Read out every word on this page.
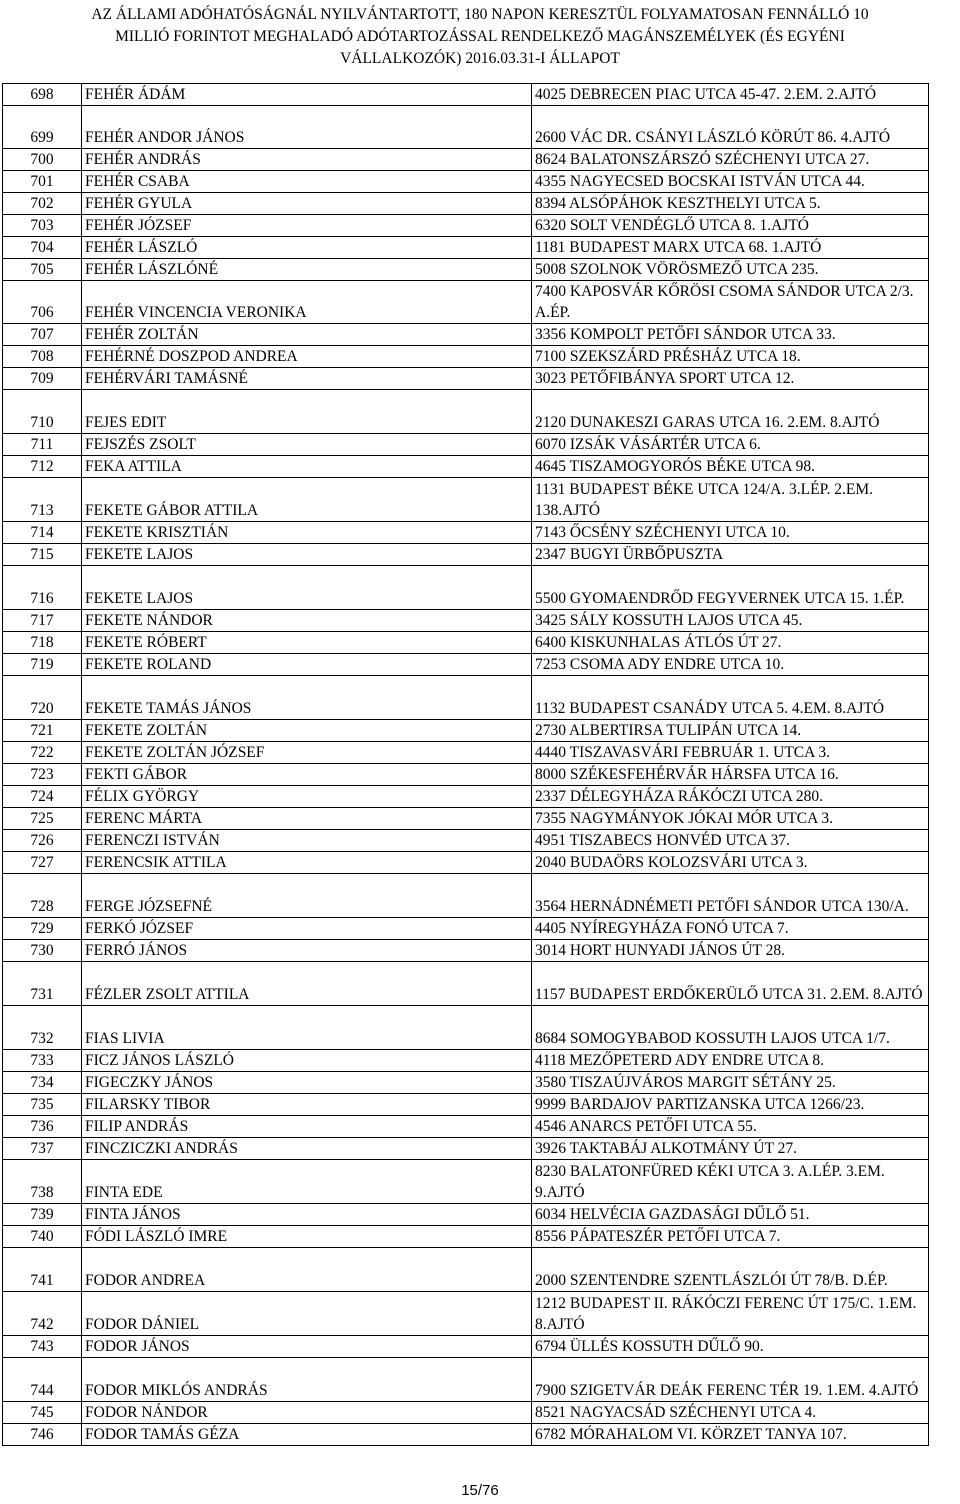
AZ ÁLLAMI ADÓHATÓSÁGNÁL NYILVÁNTARTOTT, 180 NAPON KERESZTÜL FOLYAMATOSAN FENNÁLLÓ 10
MILLIÓ FORINTOT MEGHALADÓ ADÓTARTOZÁSSAL RENDELKEZŐ MAGÁNSZEMÉLYEK (ÉS EGYÉNI
VÁLLALKOZÓK) 2016.03.31-I ÁLLAPOT
698	FEHÉR ÁDÁM	4025 DEBRECEN PIAC UTCA 45-47. 2.EM. 2.AJTÓ
699	FEHÉR ANDOR JÁNOS	2600 VÁC DR. CSÁNYI LÁSZLÓ KÖRÚT 86. 4.AJTÓ
700	FEHÉR ANDRÁS	8624 BALATONSZÁRSZÓ SZÉCHENYI UTCA 27.
701	FEHÉR CSABA	4355 NAGYECSED BOCSKAI ISTVÁN UTCA 44.
702	FEHÉR GYULA	8394 ALSÓPÁHOK KESZTHELYI UTCA 5.
703	FEHÉR JÓZSEF	6320 SOLT VENDÉGLŐ UTCA 8. 1.AJTÓ
704	FEHÉR LÁSZLÓ	1181 BUDAPEST MARX UTCA 68. 1.AJTÓ
705	FEHÉR LÁSZLÓNÉ	5008 SZOLNOK VÖRÖSMEZŐ UTCA 235.
706	FEHÉR VINCENCIA VERONIKA	7400 KAPOSVÁR KŐRÖSI CSOMA SÁNDOR UTCA 2/3. A.ÉP.
707	FEHÉR ZOLTÁN	3356 KOMPOLT PETŐFI SÁNDOR UTCA 33.
708	FEHÉRNÉ DOSZPOD ANDREA	7100 SZEKSZÁRD PRÉSHÁZ UTCA 18.
709	FEHÉRVÁRI TAMÁSNÉ	3023 PETŐFIBÁNYA SPORT UTCA 12.
710	FEJES EDIT	2120 DUNAKESZI GARAS UTCA 16. 2.EM. 8.AJTÓ
711	FEJSZÉS ZSOLT	6070 IZSÁK VÁSÁRTÉR UTCA 6.
712	FEKA ATTILA	4645 TISZAMOGYORÓS BÉKE UTCA 98.
713	FEKETE GÁBOR ATTILA	1131 BUDAPEST BÉKE UTCA 124/A. 3.LÉP. 2.EM. 138.AJTÓ
714	FEKETE KRISZTIÁN	7143 ŐCSÉNY SZÉCHENYI UTCA 10.
715	FEKETE LAJOS	2347 BUGYI ÜRBŐPUSZTA
716	FEKETE LAJOS	5500 GYOMAENDRŐD FEGYVERNEK UTCA 15. 1.ÉP.
717	FEKETE NÁNDOR	3425 SÁLY KOSSUTH LAJOS UTCA 45.
718	FEKETE RÓBERT	6400 KISKUNHALAS ÁTLÓS ÚT 27.
719	FEKETE ROLAND	7253 CSOMA ADY ENDRE UTCA 10.
720	FEKETE TAMÁS JÁNOS	1132 BUDAPEST CSANÁDY UTCA 5. 4.EM. 8.AJTÓ
721	FEKETE ZOLTÁN	2730 ALBERTIRSA TULIPÁN UTCA 14.
722	FEKETE ZOLTÁN JÓZSEF	4440 TISZAVASVÁRI FEBRUÁR 1. UTCA 3.
723	FEKTI GÁBOR	8000 SZÉKESFEHÉRVÁR HÁRSFA UTCA 16.
724	FÉLIX GYÖRGY	2337 DÉLEGYHÁZA RÁKÓCZI UTCA 280.
725	FERENC MÁRTA	7355 NAGYMÁNYOK JÓKAI MÓR UTCA 3.
726	FERENCZI ISTVÁN	4951 TISZABECS HONVÉD UTCA 37.
727	FERENCSIK ATTILA	2040 BUDAÖRS KOLOZSVÁRI UTCA 3.
728	FERGE JÓZSEFNÉ	3564 HERNÁDNÉMETI PETŐFI SÁNDOR UTCA 130/A.
729	FERKÓ JÓZSEF	4405 NYÍREGYHÁZA FONÓ UTCA 7.
730	FERRÓ JÁNOS	3014 HORT HUNYADI JÁNOS ÚT 28.
731	FÉZLER ZSOLT ATTILA	1157 BUDAPEST ERDŐKERÜLŐ UTCA 31. 2.EM. 8.AJTÓ
732	FIAS LIVIA	8684 SOMOGYBABOD KOSSUTH LAJOS UTCA 1/7.
733	FICZ JÁNOS LÁSZLÓ	4118 MEZŐPETERD ADY ENDRE UTCA 8.
734	FIGECZKY JÁNOS	3580 TISZAÚJVÁROS MARGIT SÉTÁNY 25.
735	FILARSKY TIBOR	9999 BARDAJOV PARTIZANSKA UTCA 1266/23.
736	FILIP ANDRÁS	4546 ANARCS PETŐFI UTCA 55.
737	FINCZICZKI ANDRÁS	3926 TAKTABÁJ ALKOTMÁNY ÚT 27.
738	FINTA EDE	8230 BALATONFÜRED KÉKI UTCA 3. A.LÉP. 3.EM. 9.AJTÓ
739	FINTA JÁNOS	6034 HELVÉCIA GAZDASÁGI DŰLŐ 51.
740	FÓDI LÁSZLÓ IMRE	8556 PÁPATESZÉR PETŐFI UTCA 7.
741	FODOR ANDREA	2000 SZENTENDRE SZENTLÁSZLÓI ÚT 78/B. D.ÉP.
742	FODOR DÁNIEL	1212 BUDAPEST II. RÁKÓCZI FERENC ÚT 175/C. 1.EM. 8.AJTÓ
743	FODOR JÁNOS	6794 ÜLLÉS KOSSUTH DŰLŐ 90.
744	FODOR MIKLÓS ANDRÁS	7900 SZIGETVÁR DEÁK FERENC TÉR 19. 1.EM. 4.AJTÓ
745	FODOR NÁNDOR	8521 NAGYACSÁD SZÉCHENYI UTCA 4.
746	FODOR TAMÁS GÉZA	6782 MÓRAHALOM VI. KÖRZET TANYA 107.
15/76
